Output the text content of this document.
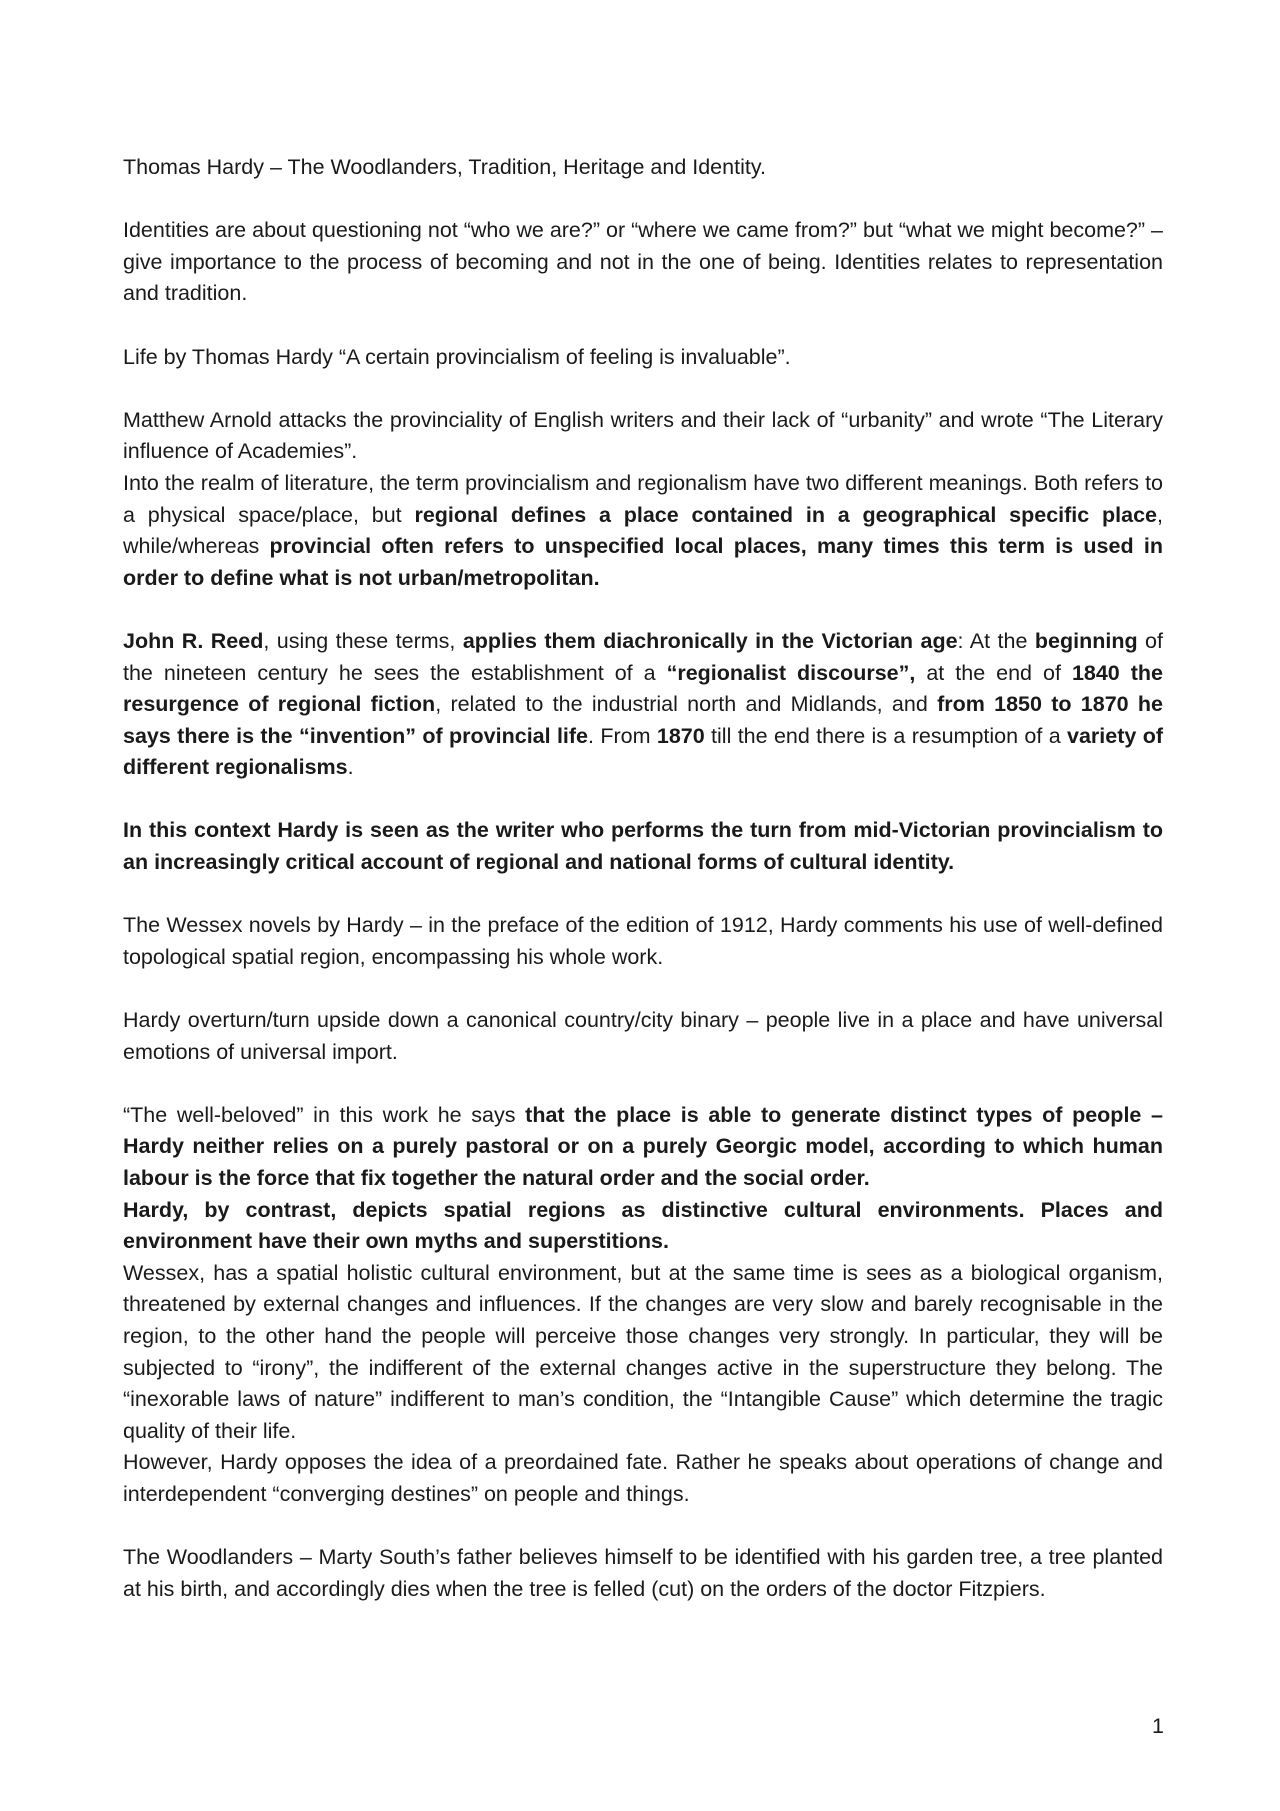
Thomas Hardy – The Woodlanders, Tradition, Heritage and Identity.

Identities are about questioning not “who we are?” or “where we came from?” but “what we might become?” – give importance to the process of becoming and not in the one of being. Identities relates to representation and tradition.

Life by Thomas Hardy “A certain provincialism of feeling is invaluable”.

Matthew Arnold attacks the provinciality of English writers and their lack of “urbanity” and wrote “The Literary influence of Academies”.

Into the realm of literature, the term provincialism and regionalism have two different meanings. Both refers to a physical space/place, but regional defines a place contained in a geographical specific place, while/whereas provincial often refers to unspecified local places, many times this term is used in order to define what is not urban/metropolitan.

John R. Reed, using these terms, applies them diachronically in the Victorian age: At the beginning of the nineteen century he sees the establishment of a “regionalist discourse”, at the end of 1840 the resurgence of regional fiction, related to the industrial north and Midlands, and from 1850 to 1870 he says there is the “invention” of provincial life. From 1870 till the end there is a resumption of a variety of different regionalisms.

In this context Hardy is seen as the writer who performs the turn from mid-Victorian provincialism to an increasingly critical account of regional and national forms of cultural identity.

The Wessex novels by Hardy – in the preface of the edition of 1912, Hardy comments his use of well-defined topological spatial region, encompassing his whole work.

Hardy overturn/turn upside down a canonical country/city binary – people live in a place and have universal emotions of universal import.

“The well-beloved” in this work he says that the place is able to generate distinct types of people – Hardy neither relies on a purely pastoral or on a purely Georgic model, according to which human labour is the force that fix together the natural order and the social order.

Hardy, by contrast, depicts spatial regions as distinctive cultural environments. Places and environment have their own myths and superstitions.

Wessex, has a spatial holistic cultural environment, but at the same time is sees as a biological organism, threatened by external changes and influences. If the changes are very slow and barely recognisable in the region, to the other hand the people will perceive those changes very strongly. In particular, they will be subjected to “irony”, the indifferent of the external changes active in the superstructure they belong. The “inexorable laws of nature” indifferent to man’s condition, the “Intangible Cause” which determine the tragic quality of their life.

However, Hardy opposes the idea of a preordained fate. Rather he speaks about operations of change and interdependent “converging destines” on people and things.

The Woodlanders – Marty South’s father believes himself to be identified with his garden tree, a tree planted at his birth, and accordingly dies when the tree is felled (cut) on the orders of the doctor Fitzpiers.

1
